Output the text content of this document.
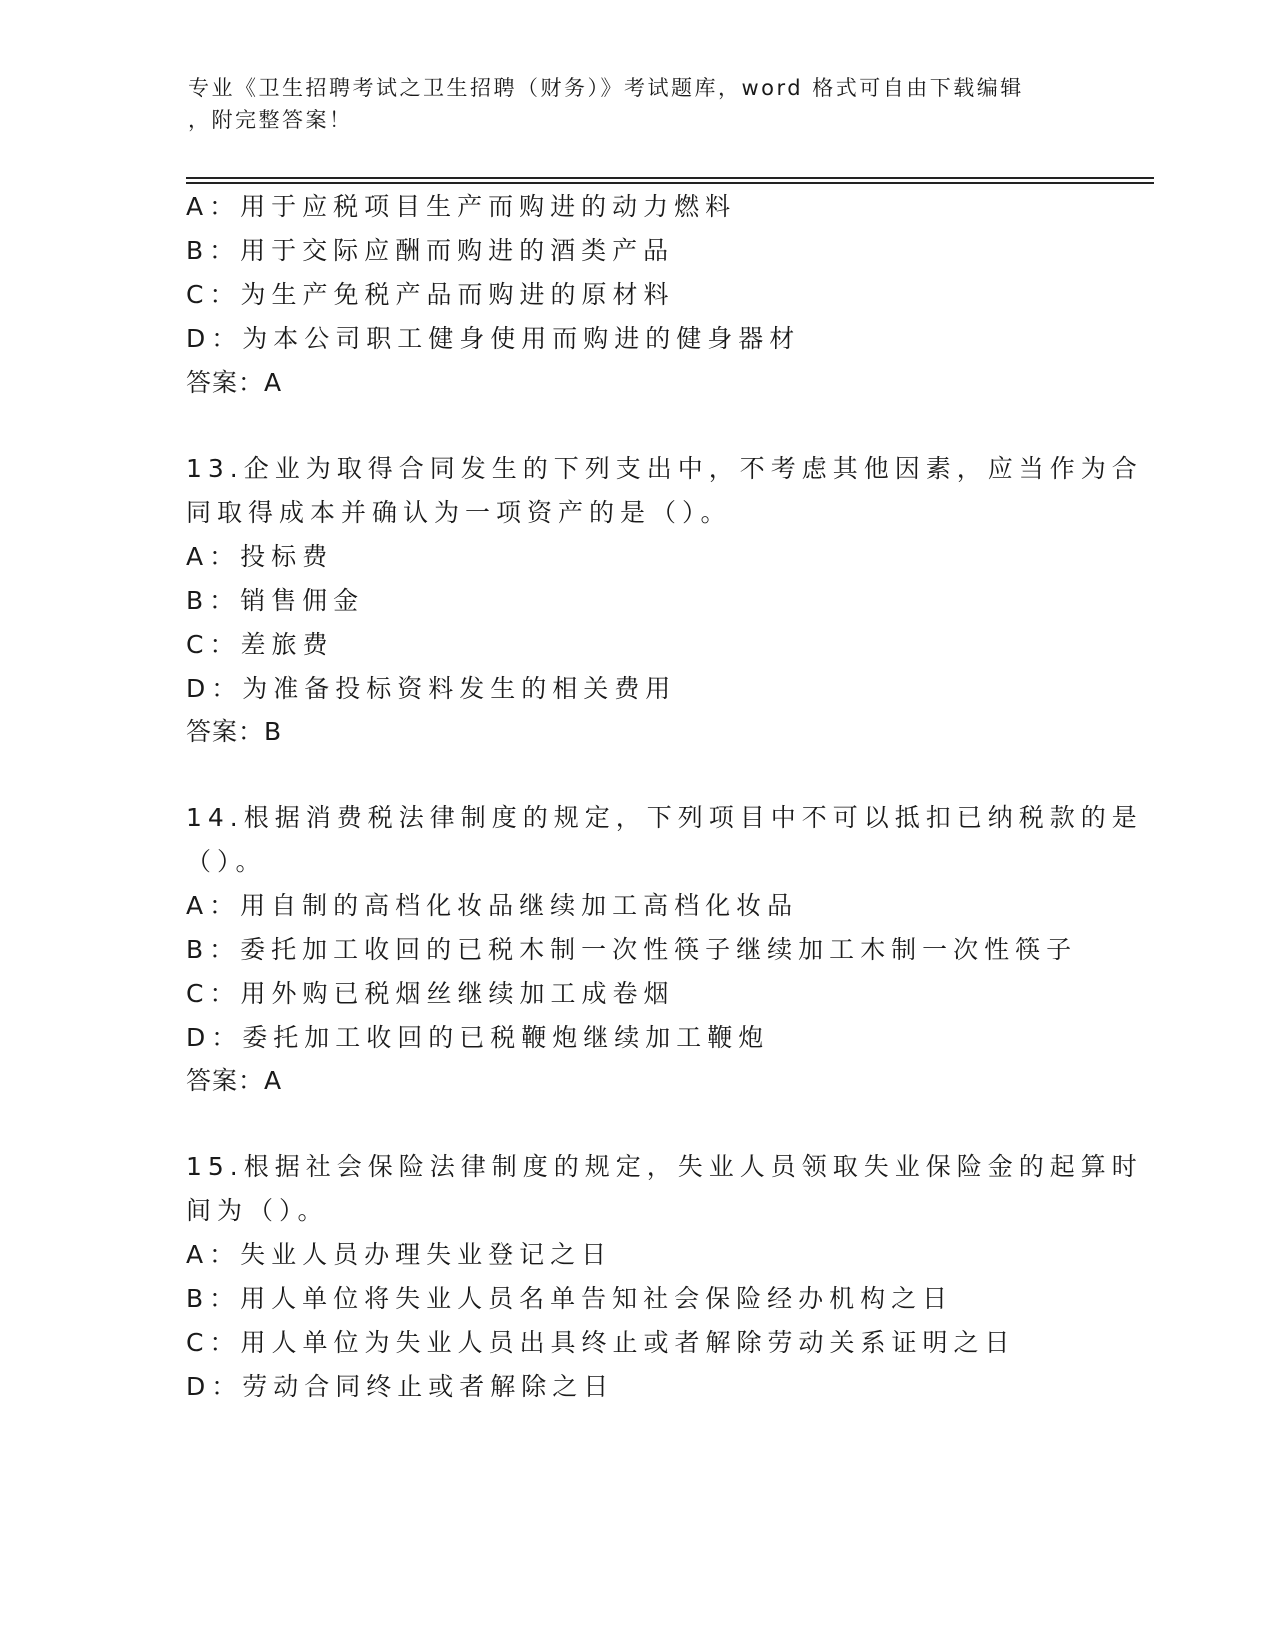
专业《卫生招聘考试之卫生招聘（财务）》考试题库，word 格式可自由下载编辑
，附完整答案！
A：用于应税项目生产而购进的动力燃料
B：用于交际应酬而购进的酒类产品
C：为生产免税产品而购进的原材料
D：为本公司职工健身使用而购进的健身器材
答案：A
13.企业为取得合同发生的下列支出中，不考虑其他因素，应当作为合
同取得成本并确认为一项资产的是（）。
A：投标费
B：销售佣金
C：差旅费
D：为准备投标资料发生的相关费用
答案：B
14.根据消费税法律制度的规定，下列项目中不可以抵扣已纳税款的是
（）。
A：用自制的高档化妆品继续加工高档化妆品
B：委托加工收回的已税木制一次性筷子继续加工木制一次性筷子
C：用外购已税烟丝继续加工成卷烟
D：委托加工收回的已税鞭炮继续加工鞭炮
答案：A
15.根据社会保险法律制度的规定，失业人员领取失业保险金的起算时
间为（）。
A：失业人员办理失业登记之日
B：用人单位将失业人员名单告知社会保险经办机构之日
C：用人单位为失业人员出具终止或者解除劳动关系证明之日
D：劳动合同终止或者解除之日
